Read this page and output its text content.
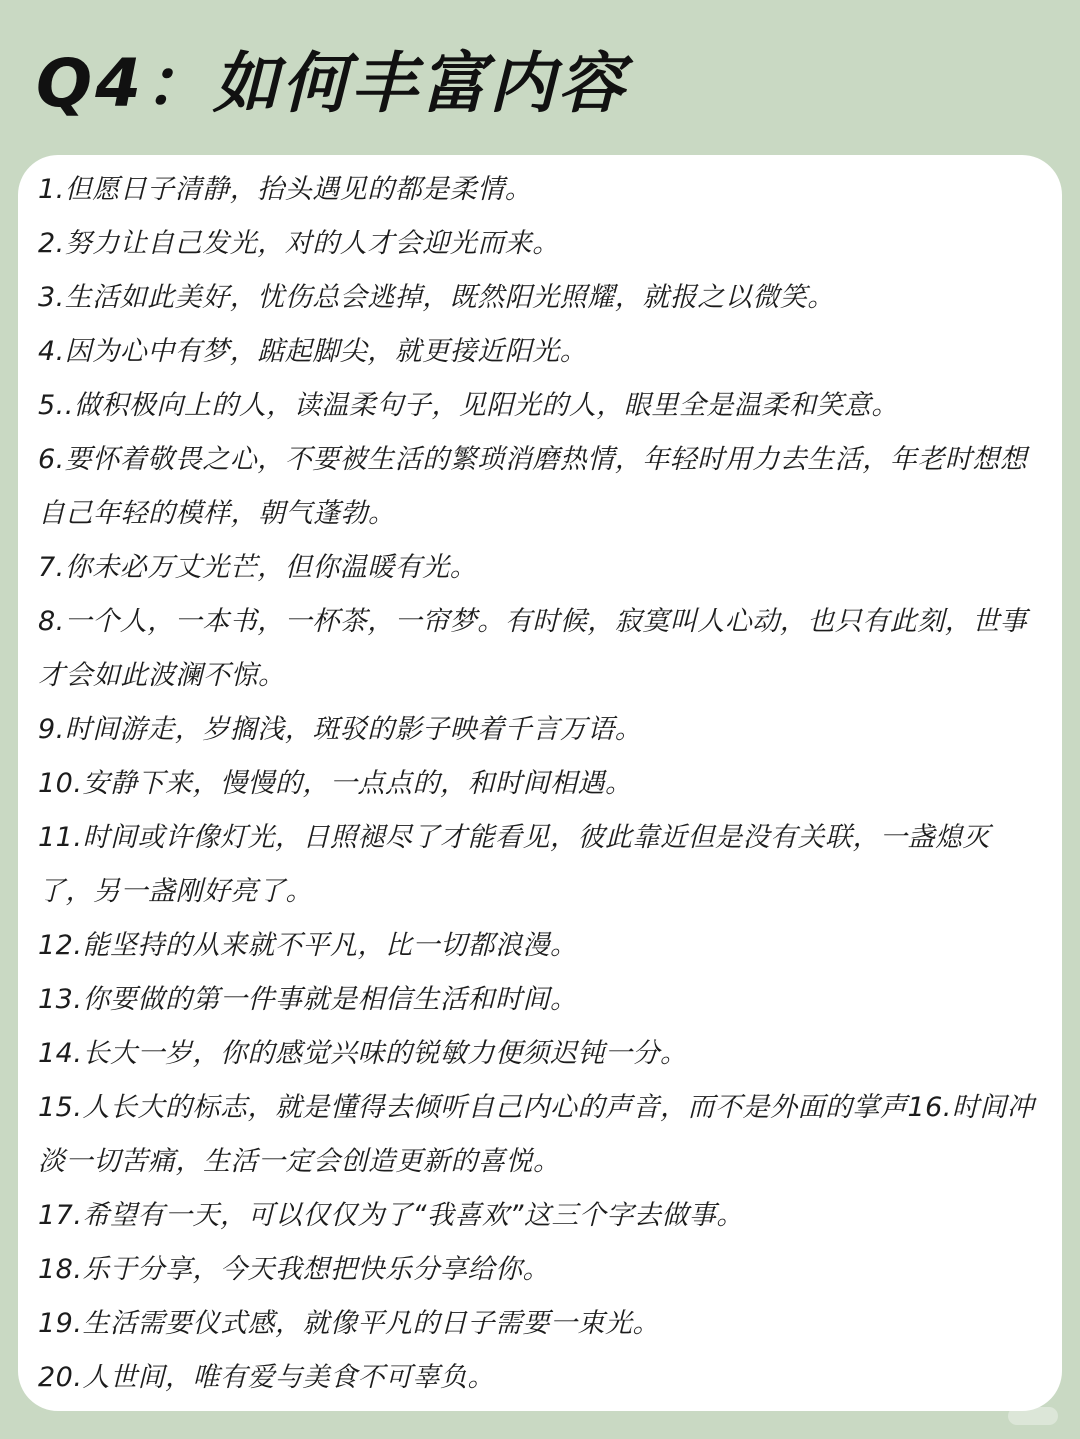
Q4：如何丰富内容
1.但愿日子清静，抬头遇见的都是柔情。
2.努力让自己发光，对的人才会迎光而来。
3.生活如此美好，忧伤总会逃掉，既然阳光照耀，就报之以微笑。
4.因为心中有梦，踮起脚尖，就更接近阳光。
5..做积极向上的人，读温柔句子，见阳光的人，眼里全是温柔和笑意。
6.要怀着敬畏之心，不要被生活的繁琐消磨热情，年轻时用力去生活，年老时想想自己年轻的模样，朝气蓬勃。
7.你未必万丈光芒，但你温暖有光。
8.一个人，一本书，一杯茶，一帘梦。有时候，寂寞叫人心动，也只有此刻，世事才会如此波澜不惊。
9.时间游走，岁搁浅，斑驳的影子映着千言万语。
10.安静下来，慢慢的，一点点的，和时间相遇。
11.时间或许像灯光，日照褪尽了才能看见，彼此靠近但是没有关联，一盏熄灭了，另一盏刚好亮了。
12.能坚持的从来就不平凡，比一切都浪漫。
13.你要做的第一件事就是相信生活和时间。
14.长大一岁，你的感觉兴味的锐敏力便须迟钝一分。
15.人长大的标志，就是懂得去倾听自己内心的声音，而不是外面的掌声16.时间冲淡一切苦痛，生活一定会创造更新的喜悦。
17.希望有一天，可以仅仅为了“我喜欢”这三个字去做事。
18.乐于分享，今天我想把快乐分享给你。
19.生活需要仪式感，就像平凡的日子需要一束光。
20.人世间，唯有爱与美食不可辜负。
